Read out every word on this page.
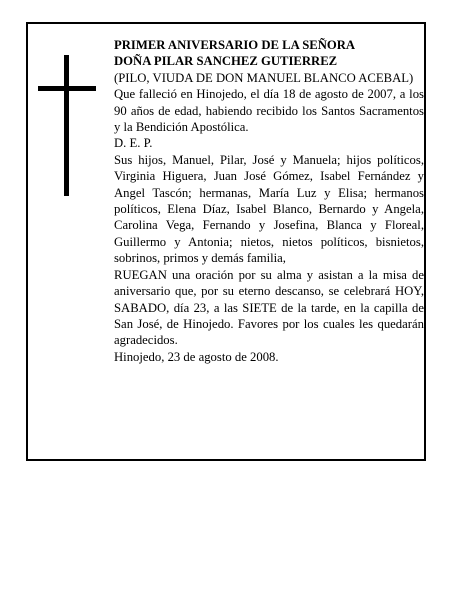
PRIMER ANIVERSARIO DE LA SEÑORA

DOÑA PILAR SANCHEZ GUTIERREZ

(PILO, VIUDA DE DON MANUEL BLANCO ACEBAL)

Que falleció en Hinojedo, el día 18 de agosto de 2007, a los 90 años de edad, habiendo recibido los Santos Sacramentos y la Bendición Apostólica.

D. E. P.

Sus hijos, Manuel, Pilar, José y Manuela; hijos políticos, Virginia Higuera, Juan José Gómez, Isabel Fernández y Angel Tascón; hermanas, María Luz y Elisa; hermanos políticos, Elena Díaz, Isabel Blanco, Bernardo y Angela, Carolina Vega, Fernando y Josefina, Blanca y Floreal, Guillermo y Antonia; nietos, nietos políticos, bisnietos, sobrinos, primos y demás familia,

RUEGAN una oración por su alma y asistan a la misa de aniversario que, por su eterno descanso, se celebrará HOY, SABADO, día 23, a las SIETE de la tarde, en la capilla de San José, de Hinojedo. Favores por los cuales les quedarán agradecidos.

Hinojedo, 23 de agosto de 2008.
